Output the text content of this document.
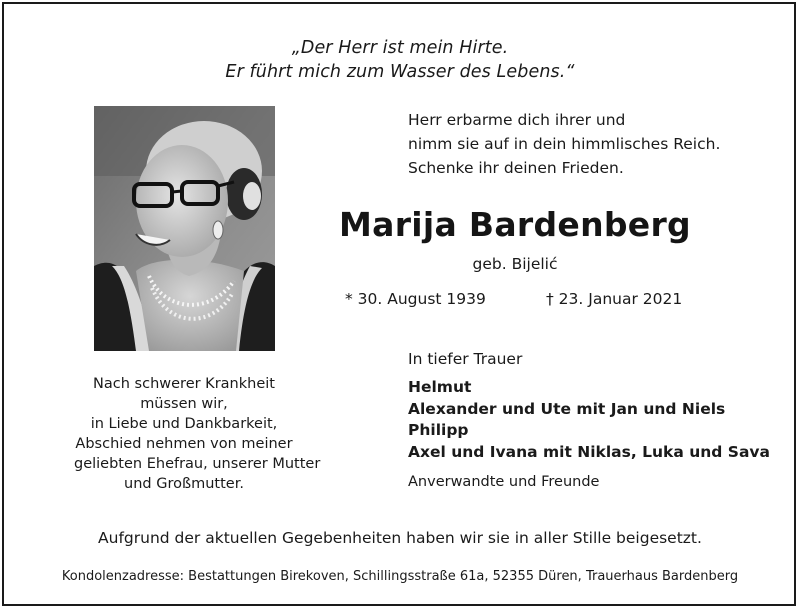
„Der Herr ist mein Hirte.
Er führt mich zum Wasser des Lebens.“
Herr erbarme dich ihrer und
nimm sie auf in dein himmlisches Reich.
Schenke ihr deinen Frieden.
Marija Bardenberg
geb. Bijelić
* 30. August 1939	† 23. Januar 2021
Nach schwerer Krankheit
müssen wir,
in Liebe und Dankbarkeit,
Abschied nehmen von meiner
geliebten Ehefrau, unserer Mutter
und Großmutter.
In tiefer Trauer
Helmut
Alexander und Ute mit Jan und Niels
Philipp
Axel und Ivana mit Niklas, Luka und Sava
Anverwandte und Freunde
Aufgrund der aktuellen Gegebenheiten haben wir sie in aller Stille beigesetzt.
Kondolenzadresse: Bestattungen Birekoven, Schillingsstraße 61a, 52355 Düren, Trauerhaus Bardenberg
